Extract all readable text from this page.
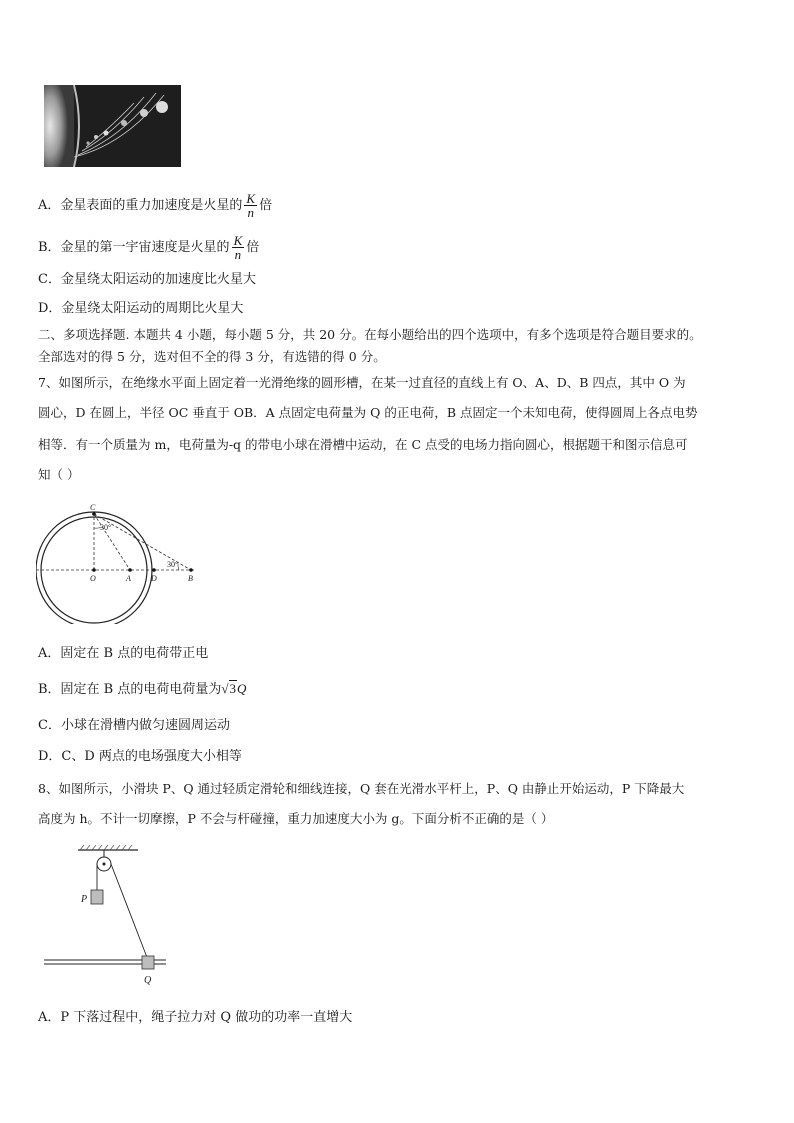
A．金星表面的重力加速度是火星的 $\frac{K}{n}$ 倍
B．金星的第一宇宙速度是火星的 $\frac{K}{n}$ 倍
C．金星绕太阳运动的加速度比火星大
D．金星绕太阳运动的周期比火星大
二、多项选择题. 本题共 4 小题，每小题 5 分，共 20 分。在每小题给出的四个选项中，有多个选项是符合题目要求的。
全部选对的得 5 分，选对但不全的得 3 分，有选错的得 0 分。
7、如图所示，在绝缘水平面上固定着一光滑绝缘的圆形槽，在某一过直径的直线上有 O、A、D、B 四点，其中 O 为
圆心，D 在圆上，半径 OC 垂直于 OB．A 点固定电荷量为 Q 的正电荷，B 点固定一个未知电荷，使得圆周上各点电势
相等．有一个质量为 m，电荷量为-q 的带电小球在滑槽中运动，在 C 点受的电场力指向圆心，根据题干和图示信息可
知（ ）
C
O	A	D	B
30°
30°
A．固定在 B 点的电荷带正电
B．固定在 B 点的电荷电荷量为√3Q
C．小球在滑槽内做匀速圆周运动
D．C、D 两点的电场强度大小相等
8、如图所示，小滑块 P、Q 通过轻质定滑轮和细线连接，Q 套在光滑水平杆上，P、Q 由静止开始运动，P 下降最大
高度为 h。不计一切摩擦，P 不会与杆碰撞，重力加速度大小为 g。下面分析不正确的是（ ）
P
Q
A．P 下落过程中，绳子拉力对 Q 做功的功率一直增大
